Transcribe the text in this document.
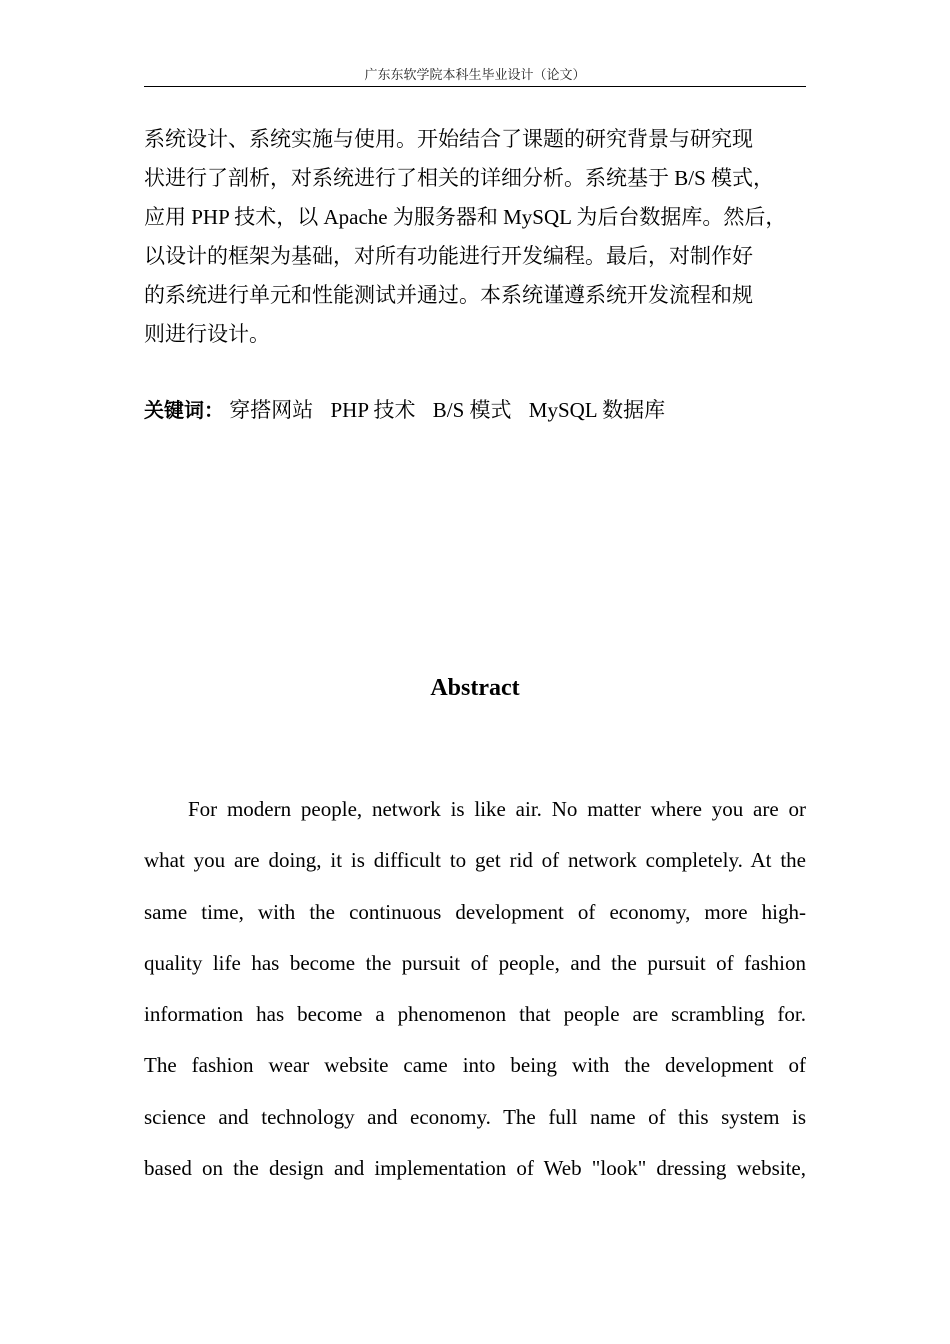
广东东软学院本科生毕业设计（论文）
系统设计、系统实施与使用。开始结合了课题的研究背景与研究现
状进行了剖析，对系统进行了相关的详细分析。系统基于 B/S 模式，
应用 PHP 技术，以 Apache 为服务器和 MySQL 为后台数据库。然后，
以设计的框架为基础，对所有功能进行开发编程。最后，对制作好
的系统进行单元和性能测试并通过。本系统谨遵系统开发流程和规
则进行设计。
关键词： 穿搭网站 PHP 技术 B/S 模式 MySQL 数据库
Abstract
For modern people, network is like air. No matter where you are or
what you are doing, it is difficult to get rid of network completely. At the
same time, with the continuous development of economy, more high-
quality life has become the pursuit of people, and the pursuit of fashion
information has become a phenomenon that people are scrambling for.
The fashion wear website came into being with the development of
science and technology and economy. The full name of this system is
based on the design and implementation of Web "look" dressing website,
